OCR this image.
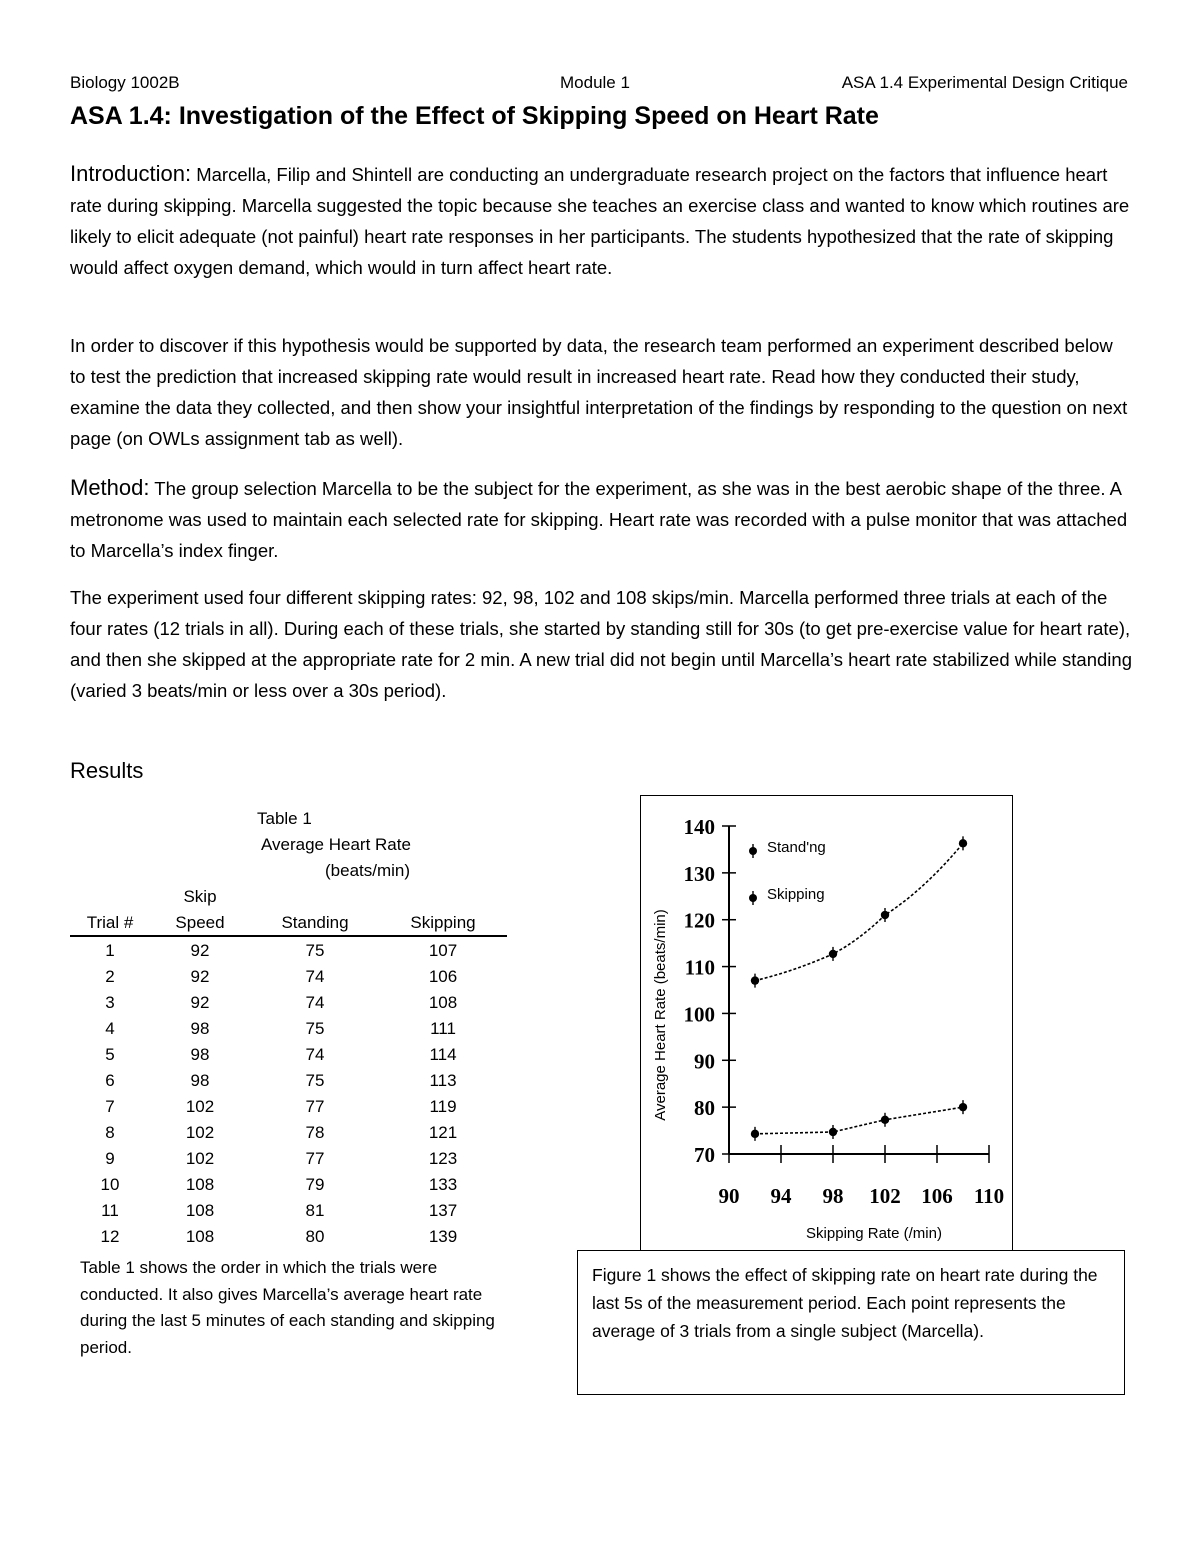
Biology 1002B	Module 1	ASA 1.4 Experimental Design Critique
ASA 1.4: Investigation of the Effect of Skipping Speed on Heart Rate

Introduction: Marcella, Filip and Shintell are conducting an undergraduate research project on the factors that influence heart rate during skipping. Marcella suggested the topic because she teaches an exercise class and wanted to know which routines are likely to elicit adequate (not painful) heart rate responses in her participants. The students hypothesized that the rate of skipping would affect oxygen demand, which would in turn affect heart rate.

In order to discover if this hypothesis would be supported by data, the research team performed an experiment described below to test the prediction that increased skipping rate would result in increased heart rate. Read how they conducted their study, examine the data they collected, and then show your insightful interpretation of the findings by responding to the question on next page (on OWLs assignment tab as well).

Method: The group selection Marcella to be the subject for the experiment, as she was in the best aerobic shape of the three. A metronome was used to maintain each selected rate for skipping. Heart rate was recorded with a pulse monitor that was attached to Marcella’s index finger.

The experiment used four different skipping rates: 92, 98, 102 and 108 skips/min. Marcella performed three trials at each of the four rates (12 trials in all). During each of these trials, she started by standing still for 30s (to get pre-exercise value for heart rate), and then she skipped at the appropriate rate for 2 min. A new trial did not begin until Marcella’s heart rate stabilized while standing (varied 3 beats/min or less over a 30s period).

Results
Table 1
Average Heart Rate
(beats/min)
Skip
Trial #	Speed	Standing	Skipping
1	92	75	107
2	92	74	106
3	92	74	108
4	98	75	111
5	98	74	114
6	98	75	113
7	102	77	119
8	102	78	121
9	102	77	123
10	108	79	133
11	108	81	137
12	108	80	139

Table 1 shows the order in which the trials were conducted. It also gives Marcella’s average heart rate during the last 5 minutes of each standing and skipping period.

70
80
90
100
110
120
130
140
90 94 98 102 106 110
Skipping Rate (/min)
Average Heart Rate (beats/min)
Stand'ng
Skipping

Figure 1 shows the effect of skipping rate on heart rate during the last 5s of the measurement period. Each point represents the average of 3 trials from a single subject (Marcella).
